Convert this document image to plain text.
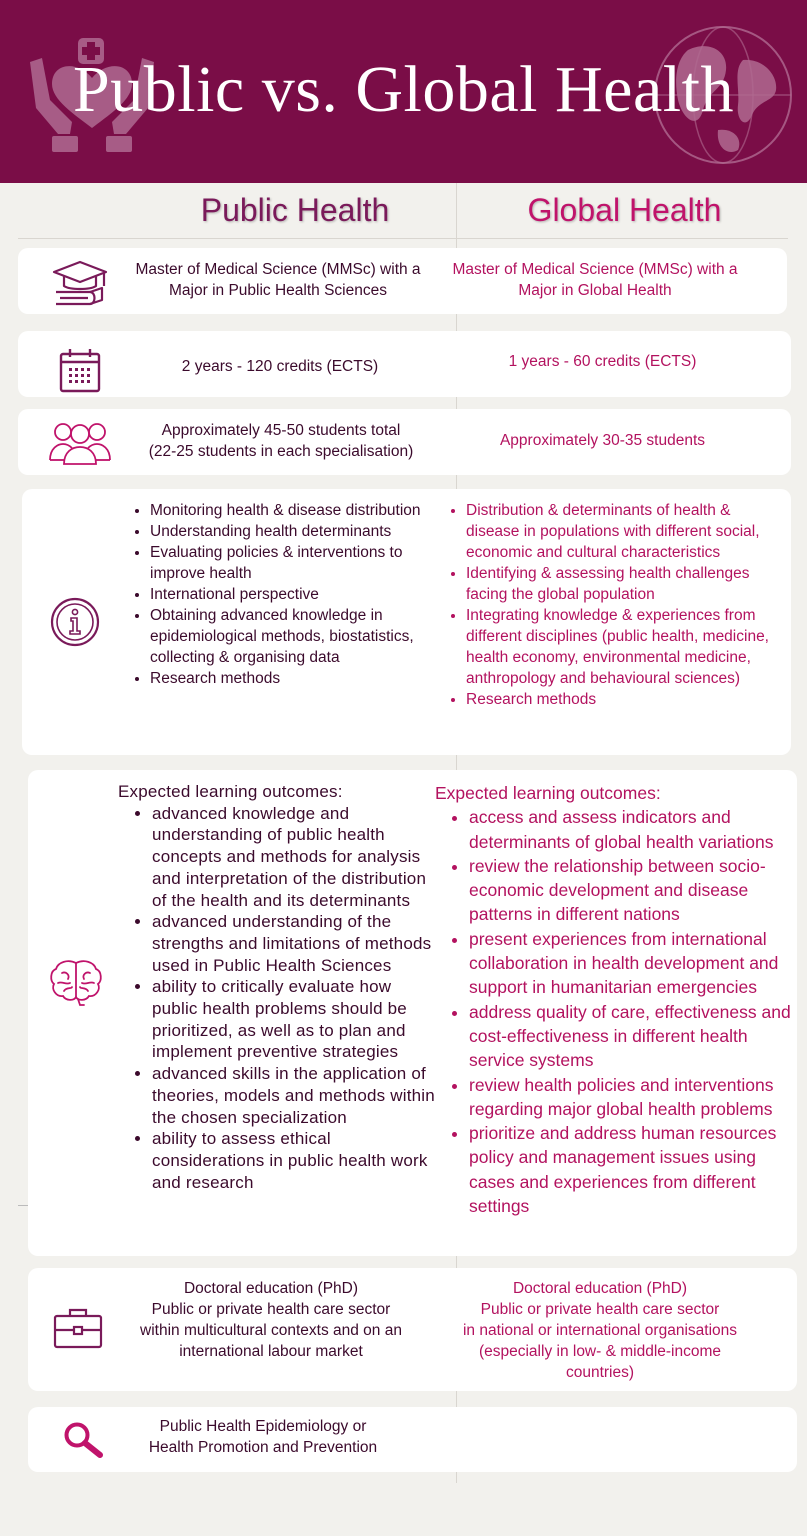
Public vs. Global Health
Public Health	Global Health
Master of Medical Science (MMSc) with a Major in Public Health Sciences
Master of Medical Science (MMSc) with a Major in Global Health
2 years - 120 credits (ECTS)	1 years - 60 credits (ECTS)
Approximately 45-50 students total
(22-25 students in each specialisation)
Approximately 30-35 students
• Monitoring health & disease distribution
• Understanding health determinants
• Evaluating policies & interventions to improve health
• International perspective
• Obtaining advanced knowledge in epidemiological methods, biostatistics, collecting & organising data
• Research methods
• Distribution & determinants of health & disease in populations with different social, economic and cultural characteristics
• Identifying & assessing health challenges facing the global population
• Integrating knowledge & experiences from different disciplines (public health, medicine, health economy, environmental medicine, anthropology and behavioural sciences)
• Research methods
Expected learning outcomes:
• advanced knowledge and understanding of public health concepts and methods for analysis and interpretation of the distribution of the health and its determinants
• advanced understanding of the strengths and limitations of methods used in Public Health Sciences
• ability to critically evaluate how public health problems should be prioritized, as well as to plan and implement preventive strategies
• advanced skills in the application of theories, models and methods within the chosen specialization
• ability to assess ethical considerations in public health work and research
Expected learning outcomes:
• access and assess indicators and determinants of global health variations
• review the relationship between socio-economic development and disease patterns in different nations
• present experiences from international collaboration in health development and support in humanitarian emergencies
• address quality of care, effectiveness and cost-effectiveness in different health service systems
• review health policies and interventions regarding major global health problems
• prioritize and address human resources policy and management issues using cases and experiences from different settings
Doctoral education (PhD)
Public or private health care sector
within multicultural contexts and on an
international labour market
Doctoral education (PhD)
Public or private health care sector
in national or international organisations
(especially in low- & middle-income
countries)
Public Health Epidemiology or
Health Promotion and Prevention
